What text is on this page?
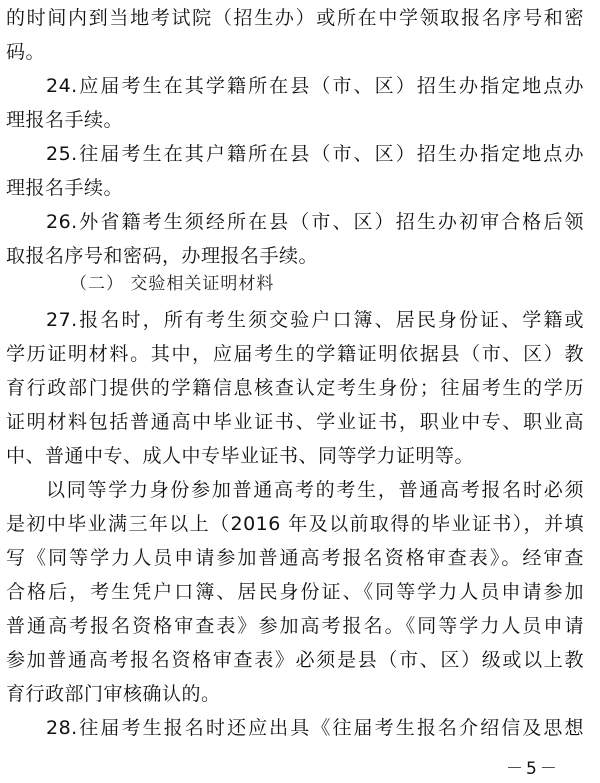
的时间内到当地考试院（招生办）或所在中学领取报名序号和密
码。
24.应届考生在其学籍所在县（市、区）招生办指定地点办
理报名手续。
25.往届考生在其户籍所在县（市、区）招生办指定地点办
理报名手续。
26.外省籍考生须经所在县（市、区）招生办初审合格后领
取报名序号和密码，办理报名手续。
（二） 交验相关证明材料
27.报名时，所有考生须交验户口簿、居民身份证、学籍或
学历证明材料。其中，应届考生的学籍证明依据县（市、区）教
育行政部门提供的学籍信息核查认定考生身份；往届考生的学历
证明材料包括普通高中毕业证书、学业证书，职业中专、职业高
中、普通中专、成人中专毕业证书、同等学力证明等。
以同等学力身份参加普通高考的考生，普通高考报名时必须
是初中毕业满三年以上（2016 年及以前取得的毕业证书），并填
写《同等学力人员申请参加普通高考报名资格审查表》。经审查
合格后，考生凭户口簿、居民身份证、《同等学力人员申请参加
普通高考报名资格审查表》参加高考报名。《同等学力人员申请
参加普通高考报名资格审查表》必须是县（市、区）级或以上教
育行政部门审核确认的。
28.往届考生报名时还应出具《往届考生报名介绍信及思想
－5－
